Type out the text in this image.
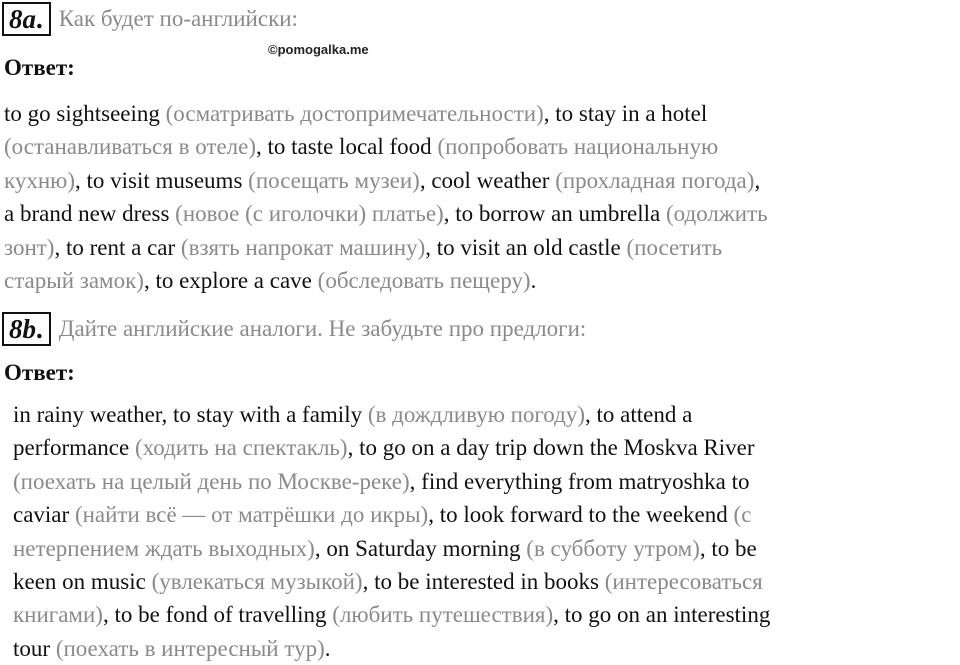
8a. Как будет по-английски:
©pomogalka.me
Ответ:

to go sightseeing (осматривать достопримечательности), to stay in a hotel
(останавливаться в отеле), to taste local food (попробовать национальную
кухню), to visit museums (посещать музеи), cool weather (прохладная погода),
a brand new dress (новое (с иголочки) платье), to borrow an umbrella (одолжить
зонт), to rent a car (взять напрокат машину), to visit an old castle (посетить
старый замок), to explore a cave (обследовать пещеру).

8b. Дайте английские аналоги. Не забудьте про предлоги:
Ответ:

in rainy weather, to stay with a family (в дождливую погоду), to attend a
performance (ходить на спектакль), to go on a day trip down the Moskva River
(поехать на целый день по Москве-реке), find everything from matryoshka to
caviar (найти всё — от матрёшки до икры), to look forward to the weekend (с
нетерпением ждать выходных), on Saturday morning (в субботу утром), to be
keen on music (увлекаться музыкой), to be interested in books (интересоваться
книгами), to be fond of travelling (любить путешествия), to go on an interesting
tour (поехать в интересный тур).
